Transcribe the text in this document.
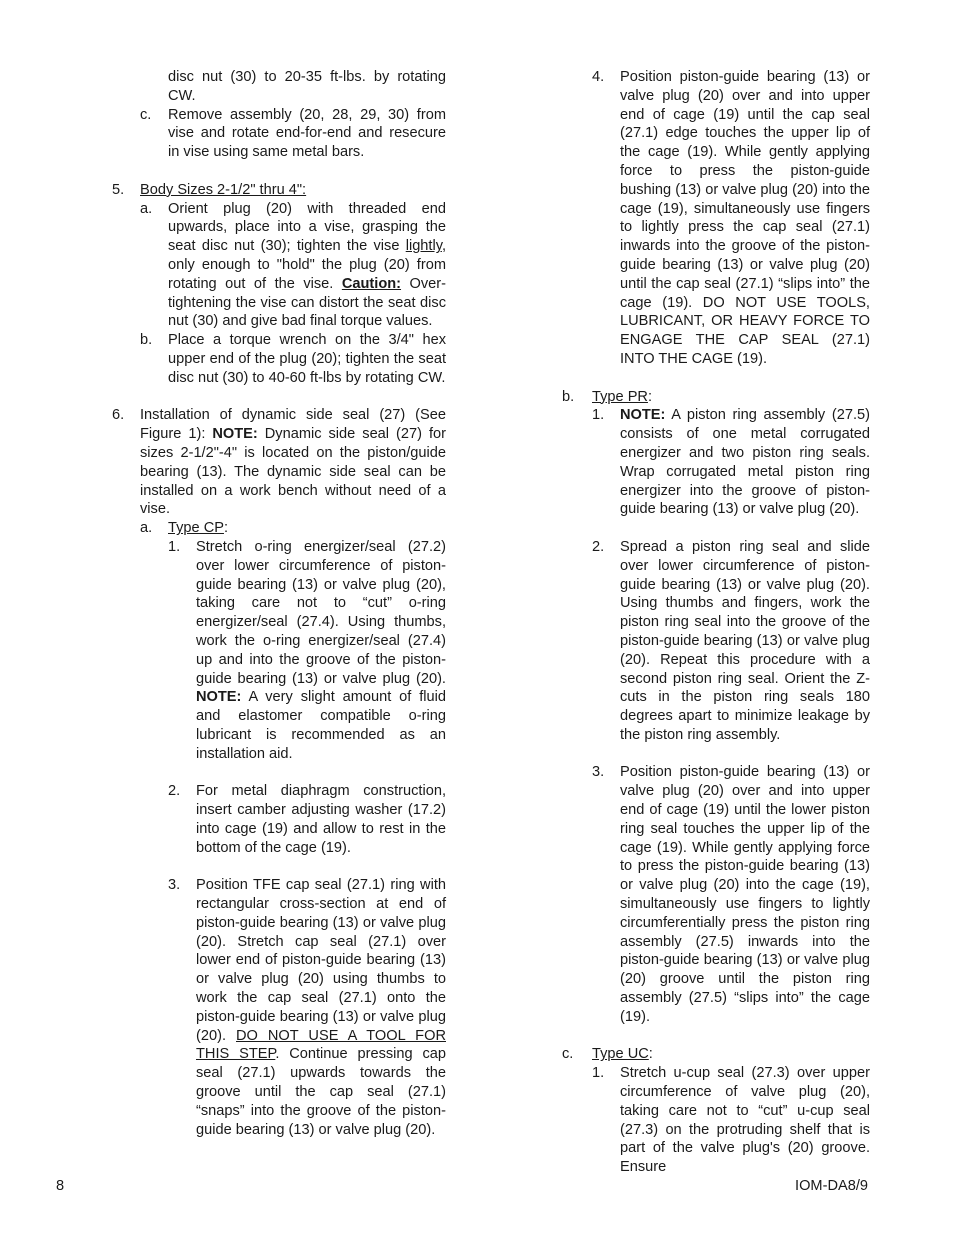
disc nut (30) to 20-35 ft-lbs. by rotating CW.
c.	Remove assembly (20, 28, 29, 30) from vise and rotate end-for-end and resecure in vise using same metal bars.
5.	Body Sizes 2-1/2" thru 4":
a.	Orient plug (20) with threaded end upwards, place into a vise, grasping the seat disc nut (30); tighten the vise lightly, only enough to "hold" the plug (20) from rotating out of the vise. Caution: Over-tightening the vise can distort the seat disc nut (30) and give bad final torque values.
b.	Place a torque wrench on the 3/4" hex upper end of the plug (20); tighten the seat disc nut (30) to 40-60 ft-lbs by rotating CW.
6.	Installation of dynamic side seal (27) (See Figure 1): NOTE: Dynamic side seal (27) for sizes 2-1/2"-4" is located on the piston/guide bearing (13). The dynamic side seal can be installed on a work bench without need of a vise.
a.	Type CP:
1.	Stretch o-ring energizer/seal (27.2) over lower circumference of piston-guide bearing (13) or valve plug (20), taking care not to “cut” o-ring energizer/seal (27.4). Using thumbs, work the o-ring energizer/seal (27.4) up and into the groove of the piston-guide bearing (13) or valve plug (20). NOTE: A very slight amount of fluid and elastomer compatible o-ring lubricant is recommended as an installation aid.
2.	For metal diaphragm construction, insert camber adjusting washer (17.2) into cage (19) and allow to rest in the bottom of the cage (19).
3.	Position TFE cap seal (27.1) ring with rectangular cross-section at end of piston-guide bearing (13) or valve plug (20). Stretch cap seal (27.1) over lower end of piston-guide bearing (13) or valve plug (20) using thumbs to work the cap seal (27.1) onto the piston-guide bearing (13) or valve plug (20). DO NOT USE A TOOL FOR THIS STEP. Continue pressing cap seal (27.1) upwards towards the groove until the cap seal (27.1) “snaps” into the groove of the piston-guide bearing (13) or valve plug (20).
4.	Position piston-guide bearing (13) or valve plug (20) over and into upper end of cage (19) until the cap seal (27.1) edge touches the upper lip of the cage (19). While gently applying force to press the piston-guide bushing (13) or valve plug (20) into the cage (19), simultaneously use fingers to lightly press the cap seal (27.1) inwards into the groove of the piston-guide bearing (13) or valve plug (20) until the cap seal (27.1) “slips into” the cage (19). DO NOT USE TOOLS, LUBRICANT, OR HEAVY FORCE TO ENGAGE THE CAP SEAL (27.1) INTO THE CAGE (19).
b.	Type PR:
1.	NOTE: A piston ring assembly (27.5) consists of one metal corrugated energizer and two piston ring seals. Wrap corrugated metal piston ring energizer into the groove of piston-guide bearing (13) or valve plug (20).
2.	Spread a piston ring seal and slide over lower circumference of piston-guide bearing (13) or valve plug (20). Using thumbs and fingers, work the piston ring seal into the groove of the piston-guide bearing (13) or valve plug (20). Repeat this procedure with a second piston ring seal. Orient the Z-cuts in the piston ring seals 180 degrees apart to minimize leakage by the piston ring assembly.
3.	Position piston-guide bearing (13) or valve plug (20) over and into upper end of cage (19) until the lower piston ring seal touches the upper lip of the cage (19). While gently applying force to press the piston-guide bearing (13) or valve plug (20) into the cage (19), simultaneously use fingers to lightly circumferentially press the piston ring assembly (27.5) inwards into the piston-guide bearing (13) or valve plug (20) groove until the piston ring assembly (27.5) “slips into” the cage (19).
c.	Type UC:
1.	Stretch u-cup seal (27.3) over upper circumference of valve plug (20), taking care not to “cut” u-cup seal (27.3) on the protruding shelf that is part of the valve plug's (20) groove. Ensure
8	IOM-DA8/9
